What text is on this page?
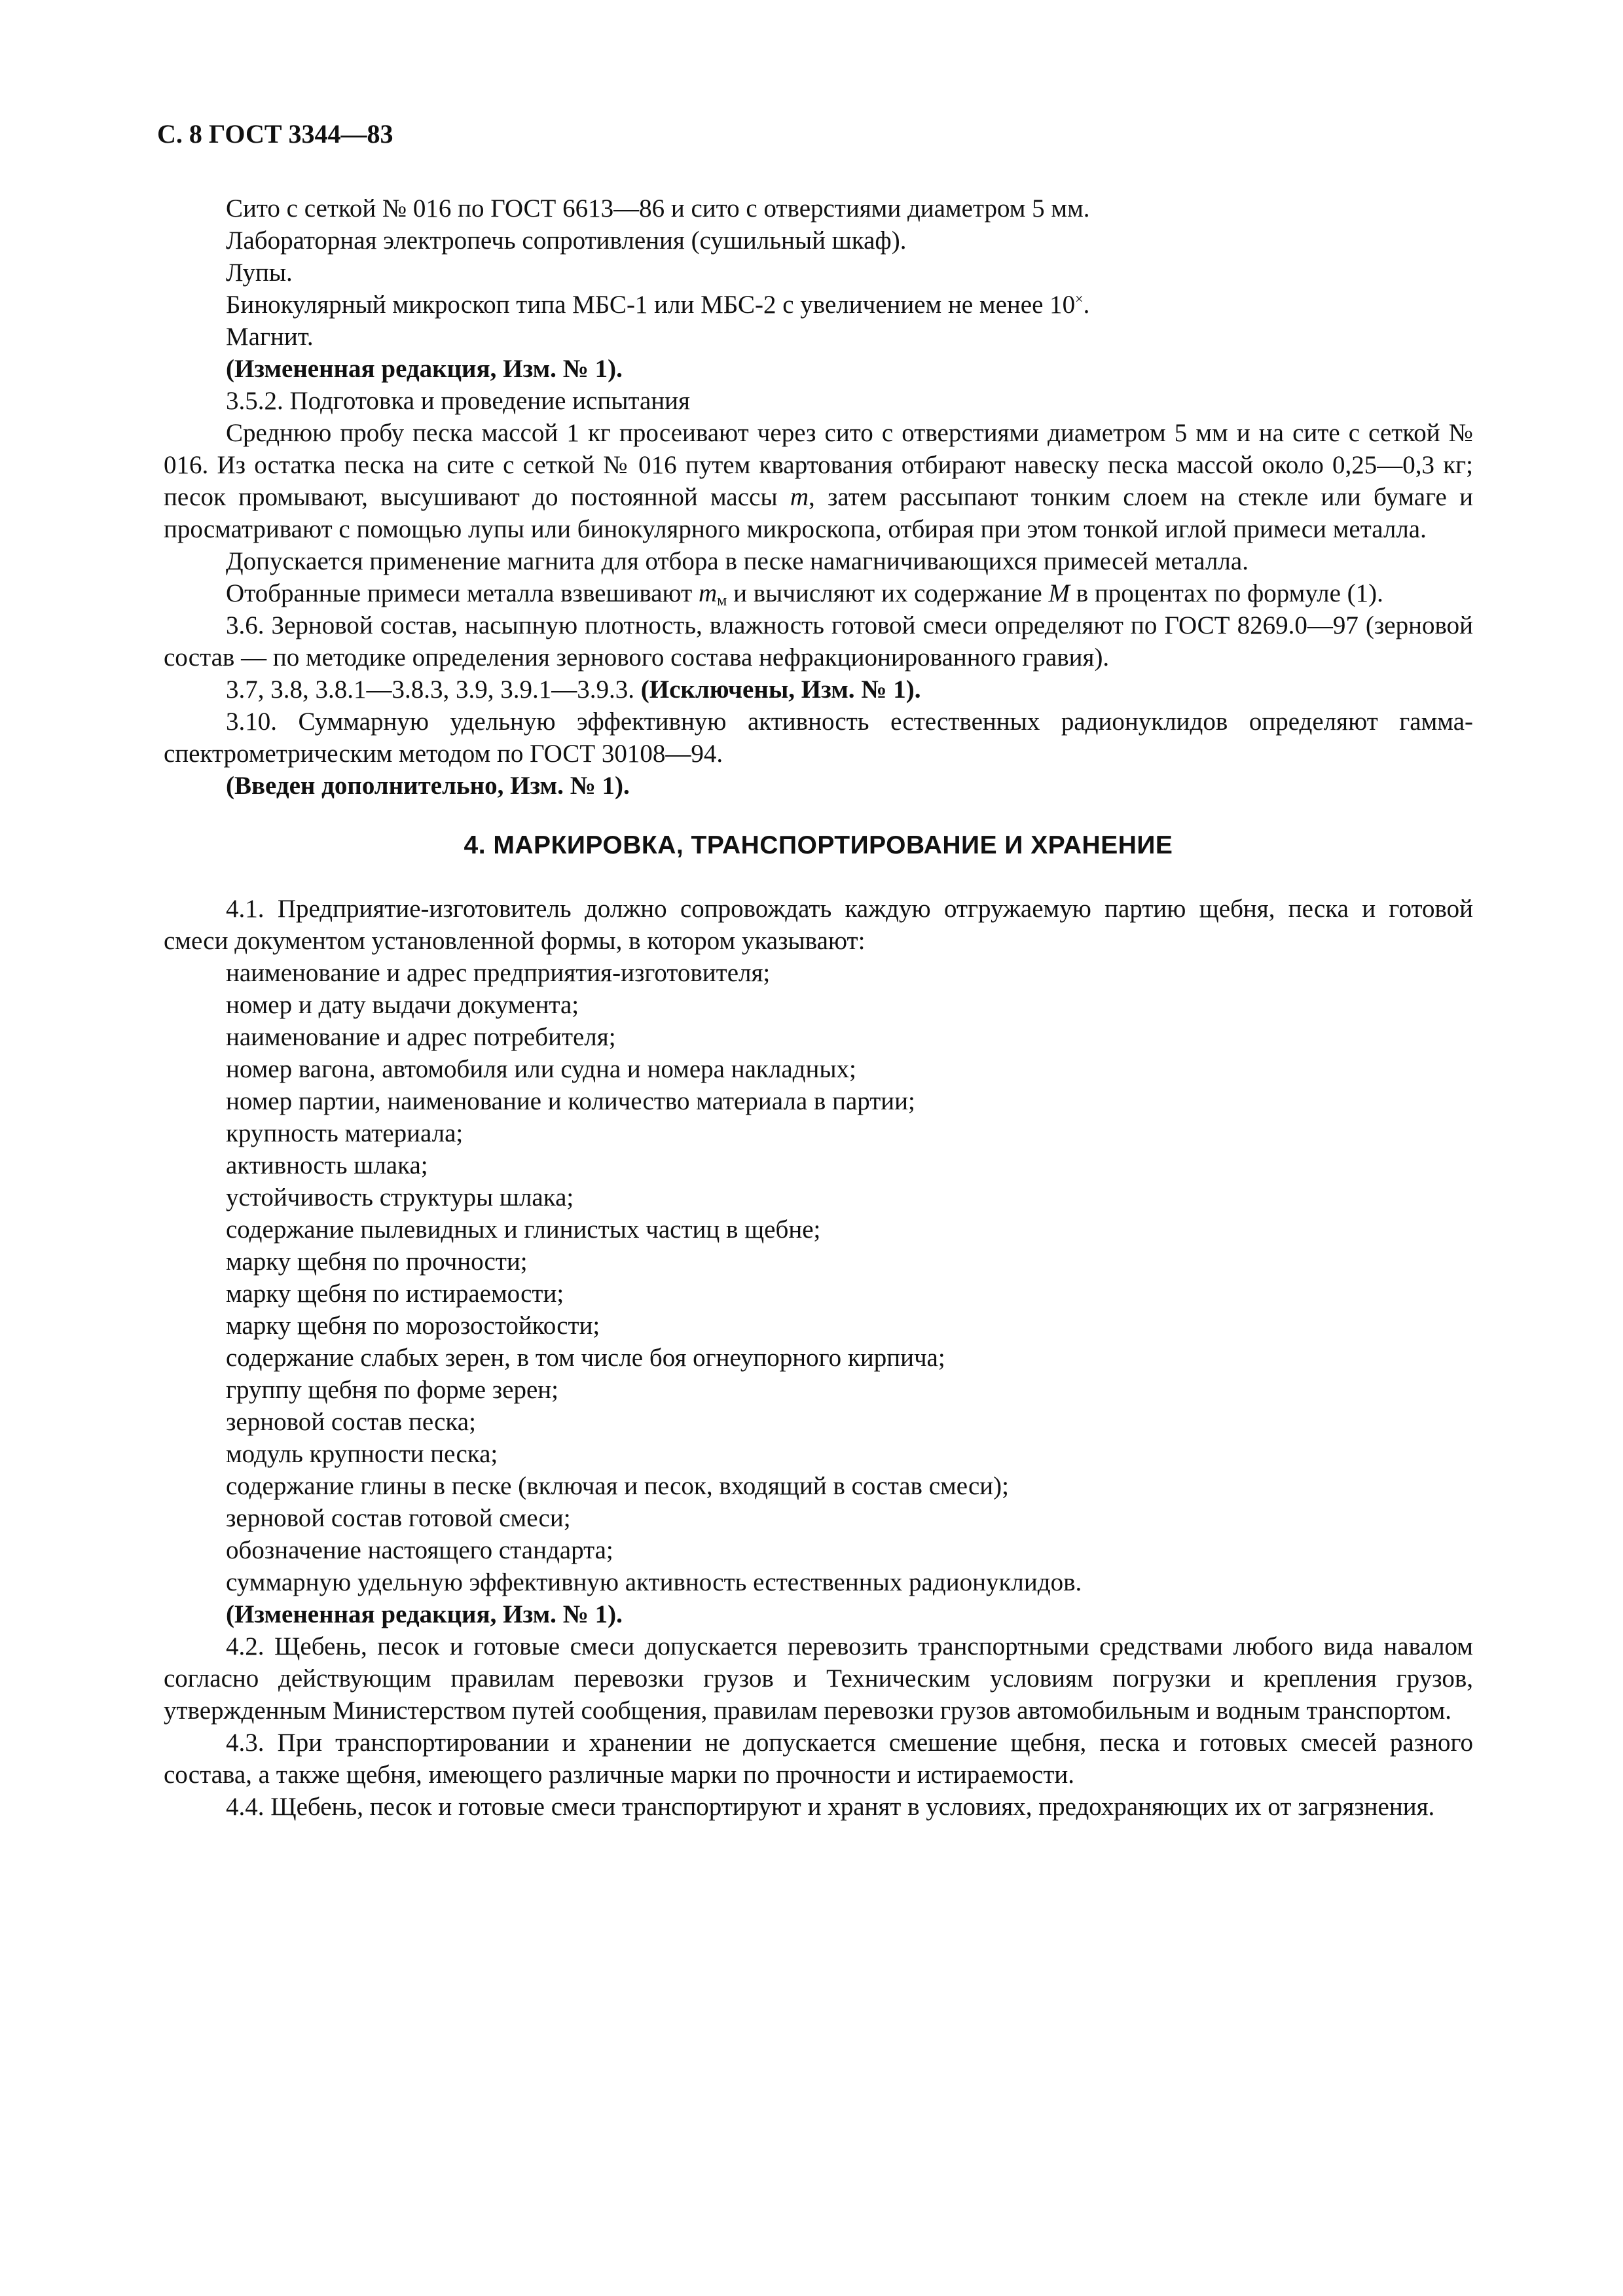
С. 8 ГОСТ 3344—83

Сито с сеткой № 016 по ГОСТ 6613—86 и сито с отверстиями диаметром 5 мм.

Лабораторная электропечь сопротивления (сушильный шкаф).

Лупы.

Бинокулярный микроскоп типа МБС-1 или МБС-2 с увеличением не менее 10×.

Магнит.

(Измененная редакция, Изм. № 1).

3.5.2. Подготовка и проведение испытания

Среднюю пробу песка массой 1 кг просеивают через сито с отверстиями диаметром 5 мм и на сите с сеткой № 016. Из остатка песка на сите с сеткой № 016 путем квартования отбирают навеску песка массой около 0,25—0,3 кг; песок промывают, высушивают до постоянной массы m, затем рассыпают тонким слоем на стекле или бумаге и просматривают с помощью лупы или бинокулярного микроскопа, отбирая при этом тонкой иглой примеси металла.

Допускается применение магнита для отбора в песке намагничивающихся примесей металла.

Отобранные примеси металла взвешивают $m_м$ и вычисляют их содержание M в процентах по формуле (1).

3.6. Зерновой состав, насыпную плотность, влажность готовой смеси определяют по ГОСТ 8269.0—97 (зерновой состав — по методике определения зернового состава нефракционированного гравия).

3.7, 3.8, 3.8.1—3.8.3, 3.9, 3.9.1—3.9.3. (Исключены, Изм. № 1).

3.10. Суммарную удельную эффективную активность естественных радионуклидов определяют гамма-спектрометрическим методом по ГОСТ 30108—94.

(Введен дополнительно, Изм. № 1).

4. МАРКИРОВКА, ТРАНСПОРТИРОВАНИЕ И ХРАНЕНИЕ

4.1. Предприятие-изготовитель должно сопровождать каждую отгружаемую партию щебня, песка и готовой смеси документом установленной формы, в котором указывают:

наименование и адрес предприятия-изготовителя;

номер и дату выдачи документа;

наименование и адрес потребителя;

номер вагона, автомобиля или судна и номера накладных;

номер партии, наименование и количество материала в партии;

крупность материала;

активность шлака;

устойчивость структуры шлака;

содержание пылевидных и глинистых частиц в щебне;

марку щебня по прочности;

марку щебня по истираемости;

марку щебня по морозостойкости;

содержание слабых зерен, в том числе боя огнеупорного кирпича;

группу щебня по форме зерен;

зерновой состав песка;

модуль крупности песка;

содержание глины в песке (включая и песок, входящий в состав смеси);

зерновой состав готовой смеси;

обозначение настоящего стандарта;

суммарную удельную эффективную активность естественных радионуклидов.

(Измененная редакция, Изм. № 1).

4.2. Щебень, песок и готовые смеси допускается перевозить транспортными средствами любого вида навалом согласно действующим правилам перевозки грузов и Техническим условиям погрузки и крепления грузов, утвержденным Министерством путей сообщения, правилам перевозки грузов автомобильным и водным транспортом.

4.3. При транспортировании и хранении не допускается смешение щебня, песка и готовых смесей разного состава, а также щебня, имеющего различные марки по прочности и истираемости.

4.4. Щебень, песок и готовые смеси транспортируют и хранят в условиях, предохраняющих их от загрязнения.
